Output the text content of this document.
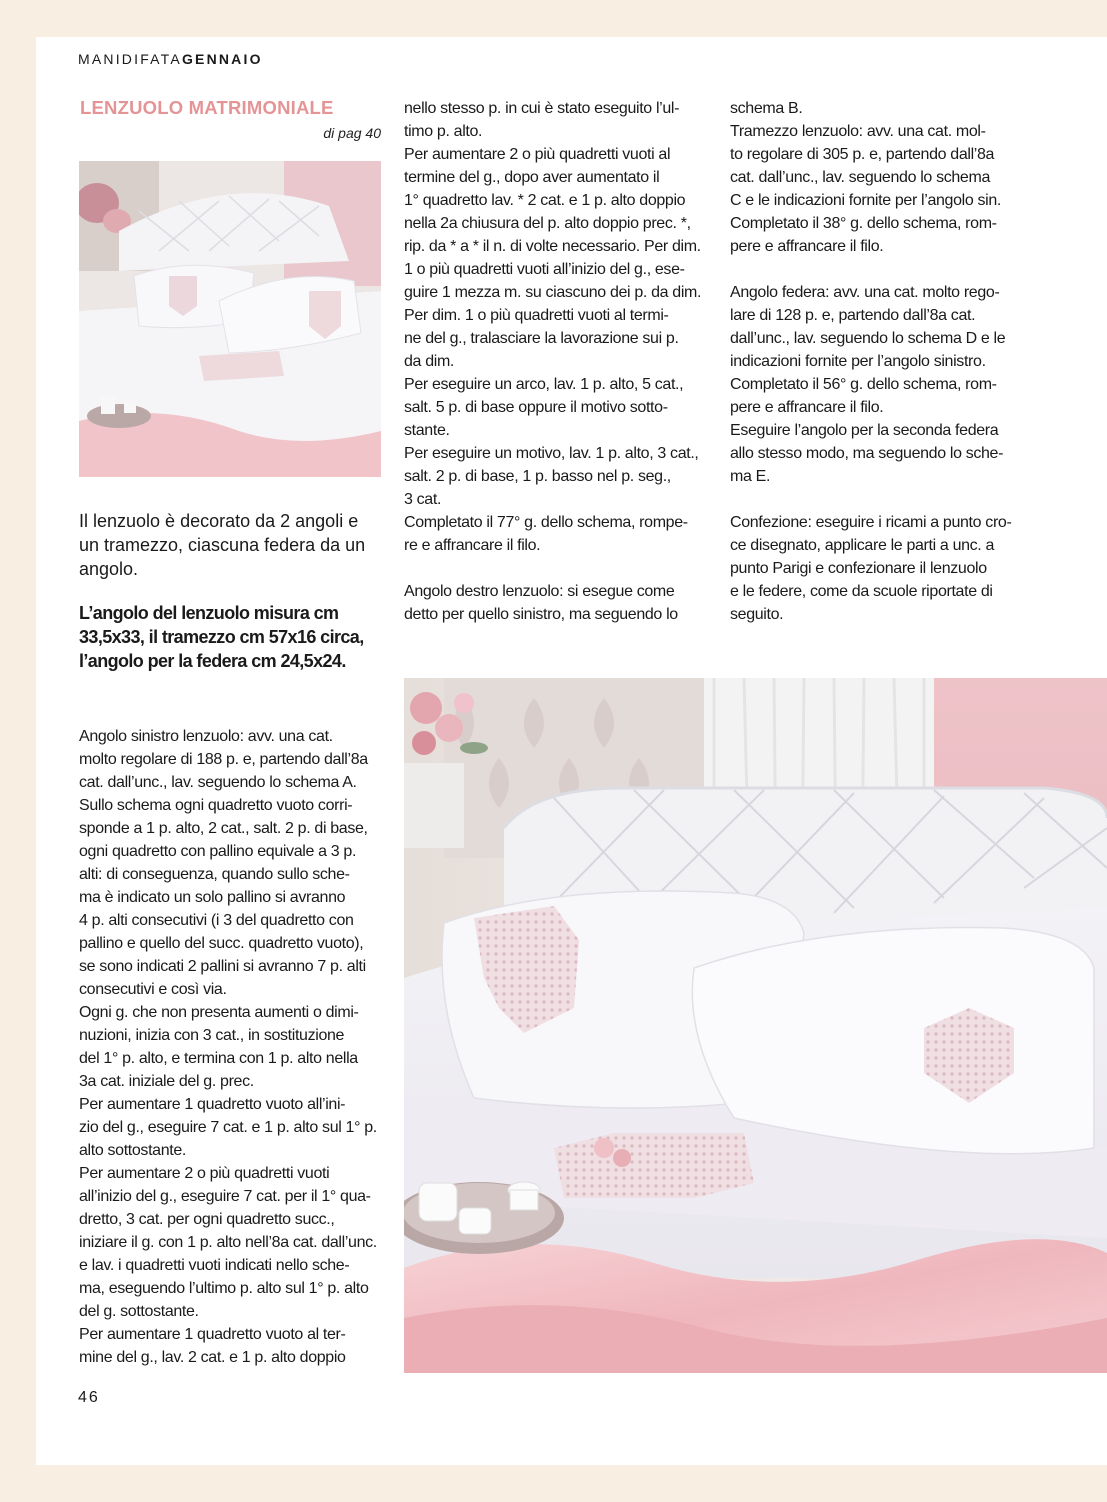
MANIDIFATAGENNAIO
LENZUOLO MATRIMONIALE
di pag 40

Il lenzuolo è decorato da 2 angoli e

un tramezzo, ciascuna federa da un

angolo.

L’angolo del lenzuolo misura cm

33,5x33, il tramezzo cm 57x16 circa,

l’angolo per la federa cm 24,5x24.

Angolo sinistro lenzuolo: avv. una cat.

molto regolare di 188 p. e, partendo dall’8a

cat. dall’unc., lav. seguendo lo schema A.

Sullo schema ogni quadretto vuoto corri-

sponde a 1 p. alto, 2 cat., salt. 2 p. di base,

ogni quadretto con pallino equivale a 3 p.

alti: di conseguenza, quando sullo sche-

ma è indicato un solo pallino si avranno

4 p. alti consecutivi (i 3 del quadretto con

pallino e quello del succ. quadretto vuoto),

se sono indicati 2 pallini si avranno 7 p. alti

consecutivi e così via.

Ogni g. che non presenta aumenti o dimi-

nuzioni, inizia con 3 cat., in sostituzione

del 1° p. alto, e termina con 1 p. alto nella

3a cat. iniziale del g. prec.

Per aumentare 1 quadretto vuoto all’ini-

zio del g., eseguire 7 cat. e 1 p. alto sul 1° p.

alto sottostante.

Per aumentare 2 o più quadretti vuoti

all’inizio del g., eseguire 7 cat. per il 1° qua-

dretto, 3 cat. per ogni quadretto succ.,

iniziare il g. con 1 p. alto nell’8a cat. dall’unc.

e lav. i quadretti vuoti indicati nello sche-

ma, eseguendo l’ultimo p. alto sul 1° p. alto

del g. sottostante.

Per aumentare 1 quadretto vuoto al ter-

mine del g., lav. 2 cat. e 1 p. alto doppio

nello stesso p. in cui è stato eseguito l’ul-

timo p. alto.

Per aumentare 2 o più quadretti vuoti al

termine del g., dopo aver aumentato il

1° quadretto lav. * 2 cat. e 1 p. alto doppio

nella 2a chiusura del p. alto doppio prec. *,

rip. da * a * il n. di volte necessario. Per dim.

1 o più quadretti vuoti all’inizio del g., ese-

guire 1 mezza m. su ciascuno dei p. da dim.

Per dim. 1 o più quadretti vuoti al termi-

ne del g., tralasciare la lavorazione sui p.

da dim.

Per eseguire un arco, lav. 1 p. alto, 5 cat.,

salt. 5 p. di base oppure il motivo sotto-

stante.

Per eseguire un motivo, lav. 1 p. alto, 3 cat.,

salt. 2 p. di base, 1 p. basso nel p. seg.,

3 cat.

Completato il 77° g. dello schema, rompe-

re e affrancare il filo.

Angolo destro lenzuolo: si esegue come

detto per quello sinistro, ma seguendo lo

schema B.

Tramezzo lenzuolo: avv. una cat. mol-

to regolare di 305 p. e, partendo dall’8a

cat. dall’unc., lav. seguendo lo schema

C e le indicazioni fornite per l’angolo sin.

Completato il 38° g. dello schema, rom-

pere e affrancare il filo.

Angolo federa: avv. una cat. molto rego-

lare di 128 p. e, partendo dall’8a cat.

dall’unc., lav. seguendo lo schema D e le

indicazioni fornite per l’angolo sinistro.

Completato il 56° g. dello schema, rom-

pere e affrancare il filo.

Eseguire l’angolo per la seconda federa

allo stesso modo, ma seguendo lo sche-

ma E.

Confezione: eseguire i ricami a punto cro-

ce disegnato, applicare le parti a unc. a

punto Parigi e confezionare il lenzuolo

e le federe, come da scuole riportate di

seguito.

46
